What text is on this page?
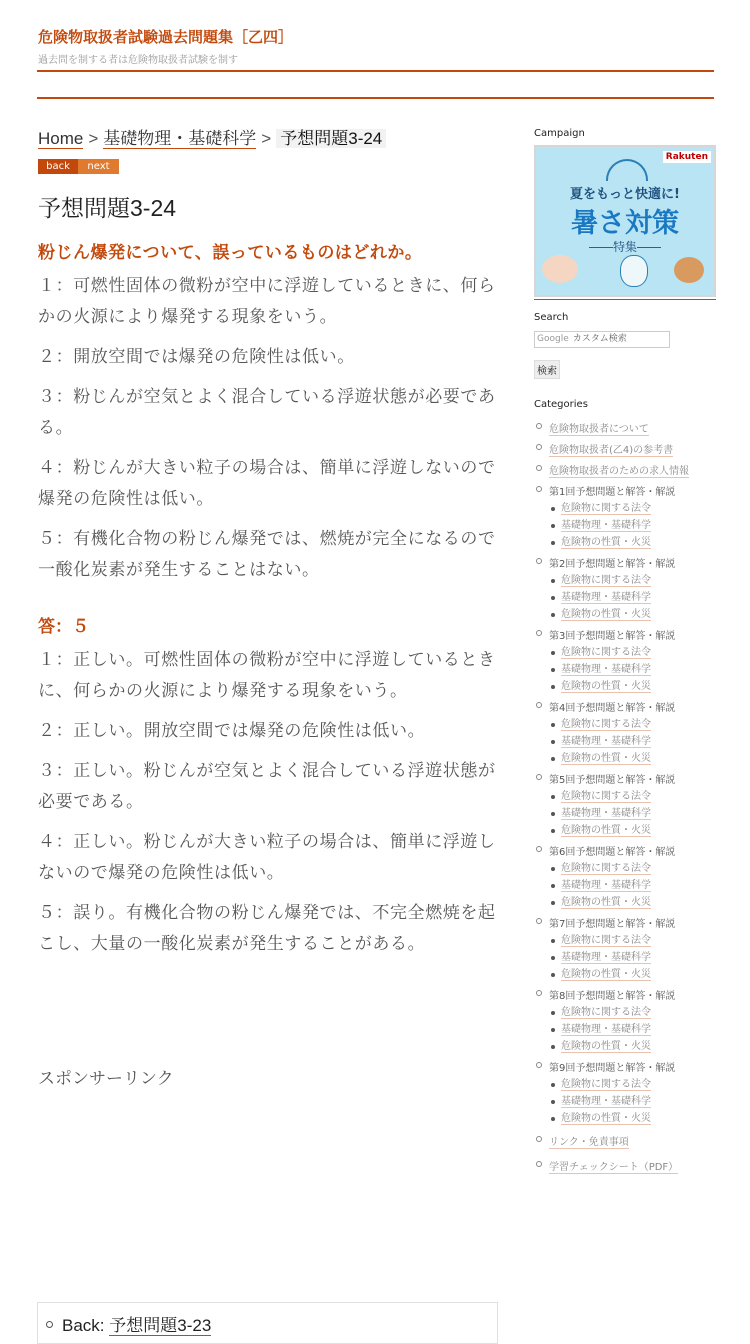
危険物取扱者試験過去問題集［乙四］
過去問を制する者は危険物取扱者試験を制す
Home > 基礎物理・基礎科学 > 予想問題3-24
back	next
予想問題3-24
粉じん爆発について、誤っているものはどれか。

１：可燃性固体の微粉が空中に浮遊しているときに、何らかの火源により爆発する現象をいう。

２：開放空間では爆発の危険性は低い。

３：粉じんが空気とよく混合している浮遊状態が必要である。

４：粉じんが大きい粒子の場合は、簡単に浮遊しないので爆発の危険性は低い。

５：有機化合物の粉じん爆発では、燃焼が完全になるので一酸化炭素が発生することはない。

答：５

１：正しい。可燃性固体の微粉が空中に浮遊しているときに、何らかの火源により爆発する現象をいう。

２：正しい。開放空間では爆発の危険性は低い。

３：正しい。粉じんが空気とよく混合している浮遊状態が必要である。

４：正しい。粉じんが大きい粒子の場合は、簡単に浮遊しないので爆発の危険性は低い。

５：誤り。有機化合物の粉じん爆発では、不完全燃焼を起こし、大量の一酸化炭素が発生することがある。

スポンサーリンク
Back: 予想問題3-23
Campaign
Rakuten
夏をもっと快適に!
暑さ対策
――特集――
Search
Google カスタム検索
検索
Categories
危険物取扱者について
危険物取扱者(乙4)の参考書
危険物取扱者のための求人情報
第1回予想問題と解答・解説
危険物に関する法令
基礎物理・基礎科学
危険物の性質・火災
第2回予想問題と解答・解説
危険物に関する法令
基礎物理・基礎科学
危険物の性質・火災
第3回予想問題と解答・解説
危険物に関する法令
基礎物理・基礎科学
危険物の性質・火災
第4回予想問題と解答・解説
危険物に関する法令
基礎物理・基礎科学
危険物の性質・火災
第5回予想問題と解答・解説
危険物に関する法令
基礎物理・基礎科学
危険物の性質・火災
第6回予想問題と解答・解説
危険物に関する法令
基礎物理・基礎科学
危険物の性質・火災
第7回予想問題と解答・解説
危険物に関する法令
基礎物理・基礎科学
危険物の性質・火災
第8回予想問題と解答・解説
危険物に関する法令
基礎物理・基礎科学
危険物の性質・火災
第9回予想問題と解答・解説
危険物に関する法令
基礎物理・基礎科学
危険物の性質・火災
リンク・免責事項
学習チェックシート（PDF）
